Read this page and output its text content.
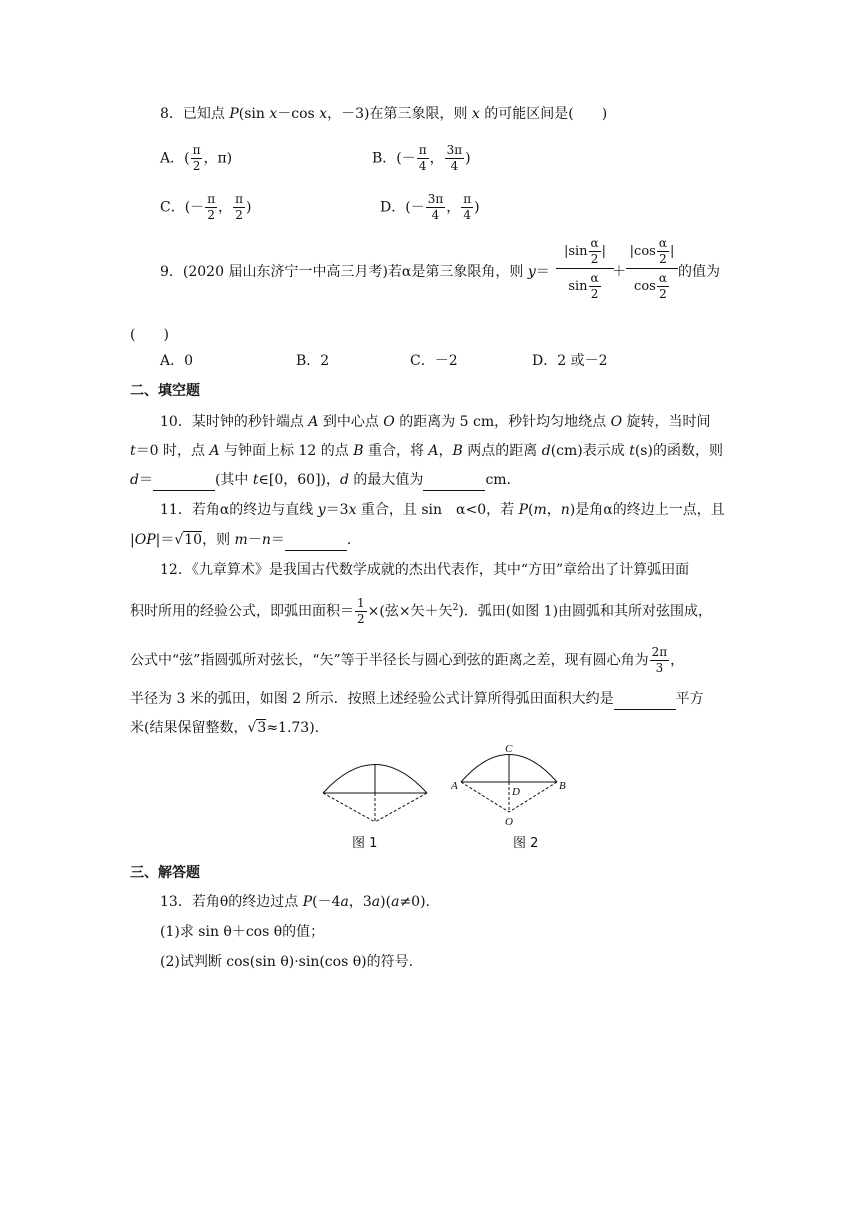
8．已知点 P(sin x－cos x，－3)在第三象限，则 x 的可能区间是(　　)
A．( $\frac{\pi}{2}$ ，π)	B．(－ $\frac{\pi}{4}$ ， $\frac{3\pi}{4}$ )
C．(－ $\frac{\pi}{2}$ ， $\frac{\pi}{2}$ )	D．(－ $\frac{3\pi}{4}$ ， $\frac{\pi}{4}$ )
9．(2020 届山东济宁一中高三月考)若α是第三象限角，则 y＝
$|\sin \frac{\alpha}{2}$ |
$\sin \frac{\alpha}{2}$ ＋
$|\cos \frac{\alpha}{2}$ |
$\cos \frac{\alpha}{2}$ 的值为
(　　)
A．0	B．2	C．－2	D．2 或－2
二、填空题
10．某时钟的秒针端点 A 到中心点 O 的距离为 5 cm，秒针均匀地绕点 O 旋转，当时间
t＝0 时，点 A 与钟面上标 12 的点 B 重合，将 A，B 两点的距离 d(cm)表示成 t(s)的函数，则
d＝	(其中 t∈[0，60])，d 的最大值为	cm.
11．若角α的终边与直线 y＝3x 重合，且 sin　α<0，若 P(m，n)是角α的终边上一点，且
|OP|＝√10，则 m－n＝	.
12．《九章算术》是我国古代数学成就的杰出代表作，其中“方田”章给出了计算弧田面
积时所用的经验公式，即弧田面积＝ $\frac{1}{2}$ ×(弦×矢＋矢$^2$)．弧田(如图 1)由圆弧和其所对弦围成，
公式中“弦”指圆弧所对弦长，“矢”等于半径长与圆心到弦的距离之差，现有圆心角为 $\frac{2\pi}{3}$ ，
半径为 3 米的弧田，如图 2 所示．按照上述经验公式计算所得弧田面积大约是	平方
米(结果保留整数，√3≈1.73).
C
A	B
D
O
图 1	图 2
三、解答题
13．若角θ的终边过点 P(－4a，3a)(a≠0).
(1)求 sin θ＋cos θ的值；
(2)试判断 cos(sin θ)·sin(cos θ)的符号.
